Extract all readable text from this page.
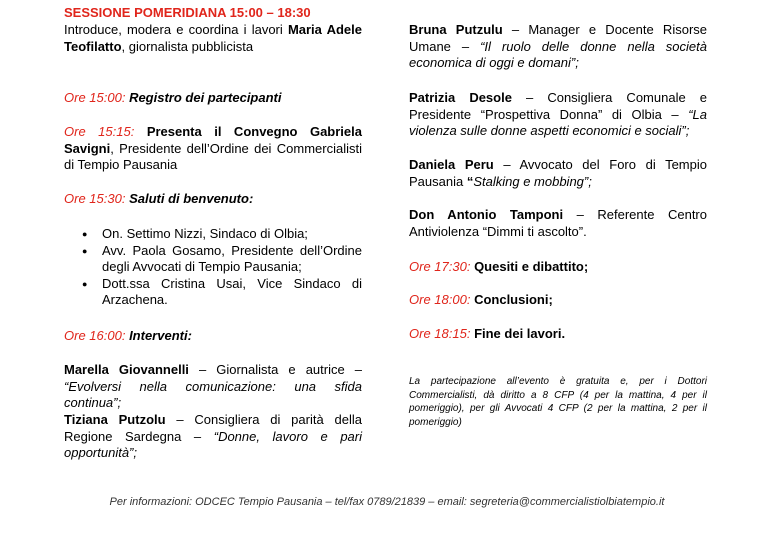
SESSIONE POMERIDIANA 15:00 – 18:30

Introduce, modera e coordina i lavori Maria Adele Teofilatto, giornalista pubblicista

Ore 15:00: Registro dei partecipanti

Ore 15:15: Presenta il Convegno Gabriela Savigni, Presidente dell’Ordine dei Commercialisti di Tempio Pausania

Ore 15:30: Saluti di benvenuto:

● On. Settimo Nizzi, Sindaco di Olbia;
● Avv. Paola Gosamo, Presidente dell’Ordine degli Avvocati di Tempio Pausania;
● Dott.ssa Cristina Usai, Vice Sindaco di Arzachena.

Ore 16:00: Interventi:

Marella Giovannelli – Giornalista e autrice – “Evolversi nella comunicazione: una sfida continua”;

Tiziana Putzolu – Consigliera di parità della Regione Sardegna – “Donne, lavoro e pari opportunità”;

Bruna Putzulu – Manager e Docente Risorse Umane – “Il ruolo delle donne nella società economica di oggi e domani”;

Patrizia Desole – Consigliera Comunale e Presidente “Prospettiva Donna” di Olbia – “La violenza sulle donne aspetti economici e sociali”;

Daniela Peru – Avvocato del Foro di Tempio Pausania “Stalking e mobbing”;

Don Antonio Tamponi – Referente Centro Antiviolenza “Dimmi ti ascolto”.

Ore 17:30: Quesiti e dibattito;

Ore 18:00: Conclusioni;

Ore 18:15: Fine dei lavori.

La partecipazione all’evento è gratuita e, per i Dottori Commercialisti, dà diritto a 8 CFP (4 per la mattina, 4 per il pomeriggio), per gli Avvocati 4 CFP (2 per la mattina, 2 per il pomeriggio)

Per informazioni: ODCEC Tempio Pausania – tel/fax 0789/21839 – email: segreteria@commercialistiolbiatempio.it
